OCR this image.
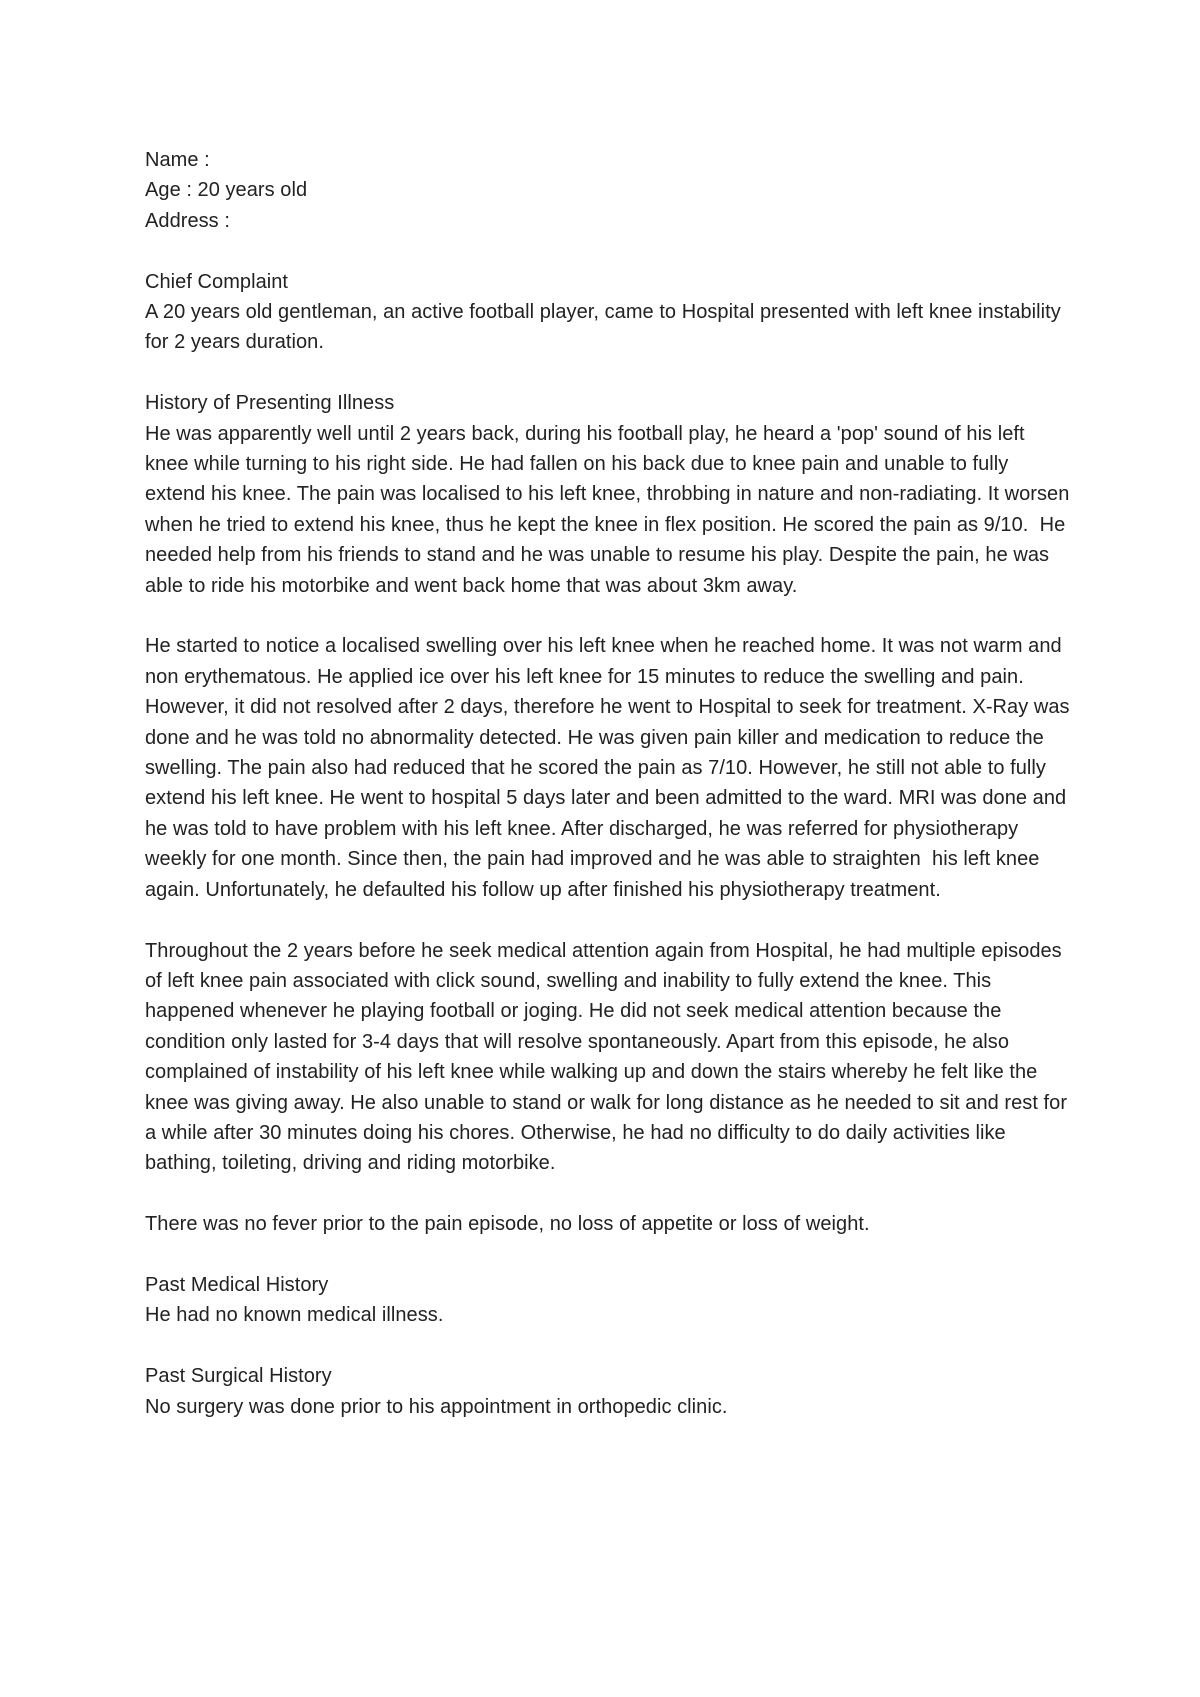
Name :

Age : 20 years old

Address :

Chief Complaint

A 20 years old gentleman, an active football player, came to Hospital presented with left knee instability for 2 years duration.

History of Presenting Illness

He was apparently well until 2 years back, during his football play, he heard a 'pop' sound of his left knee while turning to his right side. He had fallen on his back due to knee pain and unable to fully extend his knee. The pain was localised to his left knee, throbbing in nature and non-radiating. It worsen when he tried to extend his knee, thus he kept the knee in flex position. He scored the pain as 9/10.  He needed help from his friends to stand and he was unable to resume his play. Despite the pain, he was able to ride his motorbike and went back home that was about 3km away.

He started to notice a localised swelling over his left knee when he reached home. It was not warm and non erythematous. He applied ice over his left knee for 15 minutes to reduce the swelling and pain. However, it did not resolved after 2 days, therefore he went to Hospital to seek for treatment. X-Ray was done and he was told no abnormality detected. He was given pain killer and medication to reduce the swelling. The pain also had reduced that he scored the pain as 7/10. However, he still not able to fully extend his left knee. He went to hospital 5 days later and been admitted to the ward. MRI was done and he was told to have problem with his left knee. After discharged, he was referred for physiotherapy weekly for one month. Since then, the pain had improved and he was able to straighten  his left knee again. Unfortunately, he defaulted his follow up after finished his physiotherapy treatment.

Throughout the 2 years before he seek medical attention again from Hospital, he had multiple episodes of left knee pain associated with click sound, swelling and inability to fully extend the knee. This happened whenever he playing football or joging. He did not seek medical attention because the condition only lasted for 3-4 days that will resolve spontaneously. Apart from this episode, he also complained of instability of his left knee while walking up and down the stairs whereby he felt like the knee was giving away. He also unable to stand or walk for long distance as he needed to sit and rest for a while after 30 minutes doing his chores. Otherwise, he had no difficulty to do daily activities like bathing, toileting, driving and riding motorbike.

There was no fever prior to the pain episode, no loss of appetite or loss of weight.

Past Medical History

He had no known medical illness.

Past Surgical History

No surgery was done prior to his appointment in orthopedic clinic.
